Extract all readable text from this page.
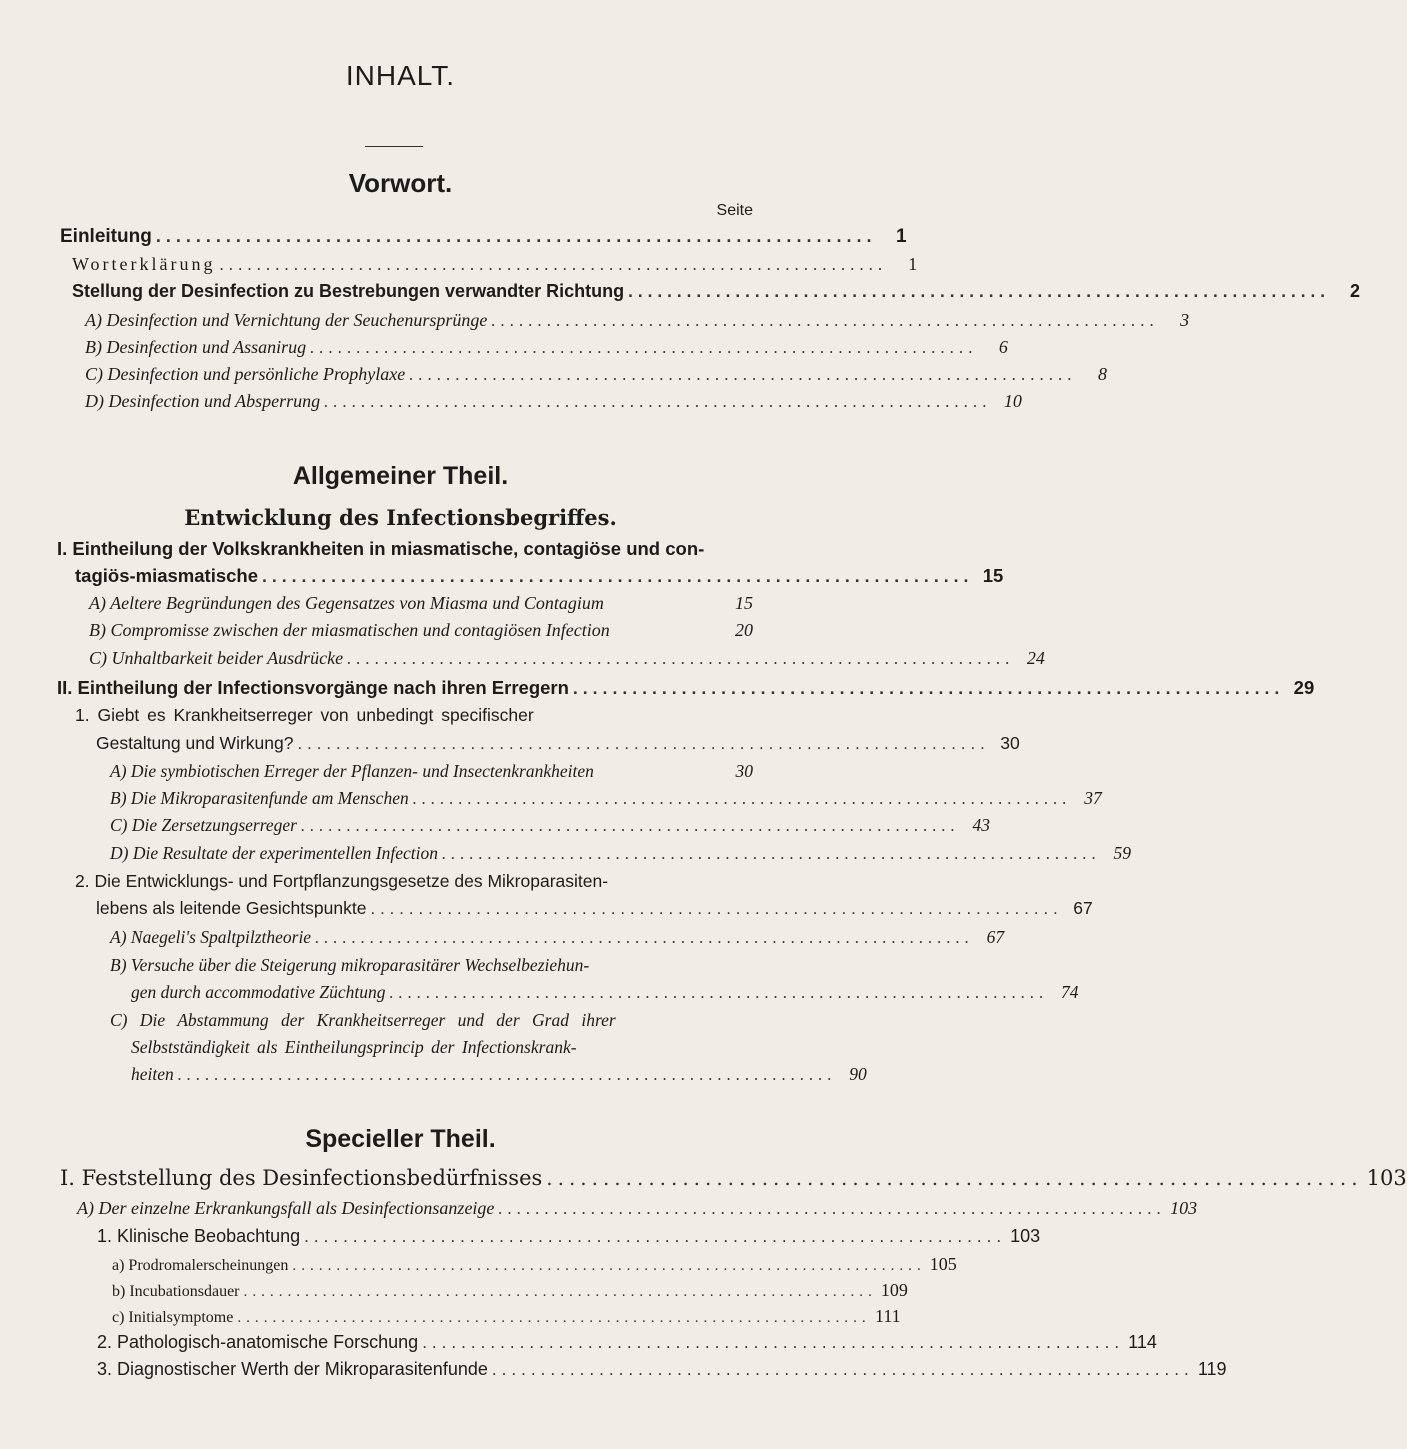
INHALT.
Vorwort.
Seite
Einleitung ........................................................................	1
Worterklärung ........................................................................	1
Stellung der Desinfection zu Bestrebungen verwandter Richtung ........................................................................	2
A) Desinfection und Vernichtung der Seuchenursprünge ........................................................................	3
B) Desinfection und Assanirug ........................................................................	6
C) Desinfection und persönliche Prophylaxe ........................................................................	8
D) Desinfection und Absperrung ........................................................................ 10
Allgemeiner Theil.
Entwicklung des Infectionsbegriffes.
I. Eintheilung der Volkskrankheiten in miasmatische, contagiöse und con-
tagiös-miasmatische ........................................................................ 15
A) Aeltere Begründungen des Gegensatzes von Miasma und Contagium	15
B) Compromisse zwischen der miasmatischen und contagiösen Infection	20
C) Unhaltbarkeit beider Ausdrücke ........................................................................ 24
II. Eintheilung der Infectionsvorgänge nach ihren Erregern ........................................................................ 29
1. Giebt es Krankheitserreger von unbedingt specifischer
Gestaltung und Wirkung? ........................................................................ 30
A) Die symbiotischen Erreger der Pflanzen- und Insectenkrankheiten	30
B) Die Mikroparasitenfunde am Menschen ........................................................................ 37
C) Die Zersetzungserreger ........................................................................ 43
D) Die Resultate der experimentellen Infection ........................................................................ 59
2. Die Entwicklungs- und Fortpflanzungsgesetze des Mikroparasiten-
lebens als leitende Gesichtspunkte ........................................................................ 67
A) Naegeli's Spaltpilztheorie ........................................................................ 67
B) Versuche über die Steigerung mikroparasitärer Wechselbeziehun-
gen durch accommodative Züchtung ........................................................................ 74
C) Die Abstammung der Krankheitserreger und der Grad ihrer
Selbstständigkeit als Eintheilungsprincip der Infectionskrank-
heiten ........................................................................ 90
Specieller Theil.
I. Feststellung des Desinfectionsbedürfnisses ........................................................................ 103
A) Der einzelne Erkrankungsfall als Desinfectionsanzeige ........................................................................ 103
1. Klinische Beobachtung ........................................................................ 103
a) Prodromalerscheinungen ........................................................................ 105
b) Incubationsdauer ........................................................................ 109
c) Initialsymptome ........................................................................ 111
2. Pathologisch-anatomische Forschung ........................................................................ 114
3. Diagnostischer Werth der Mikroparasitenfunde ........................................................................ 119
